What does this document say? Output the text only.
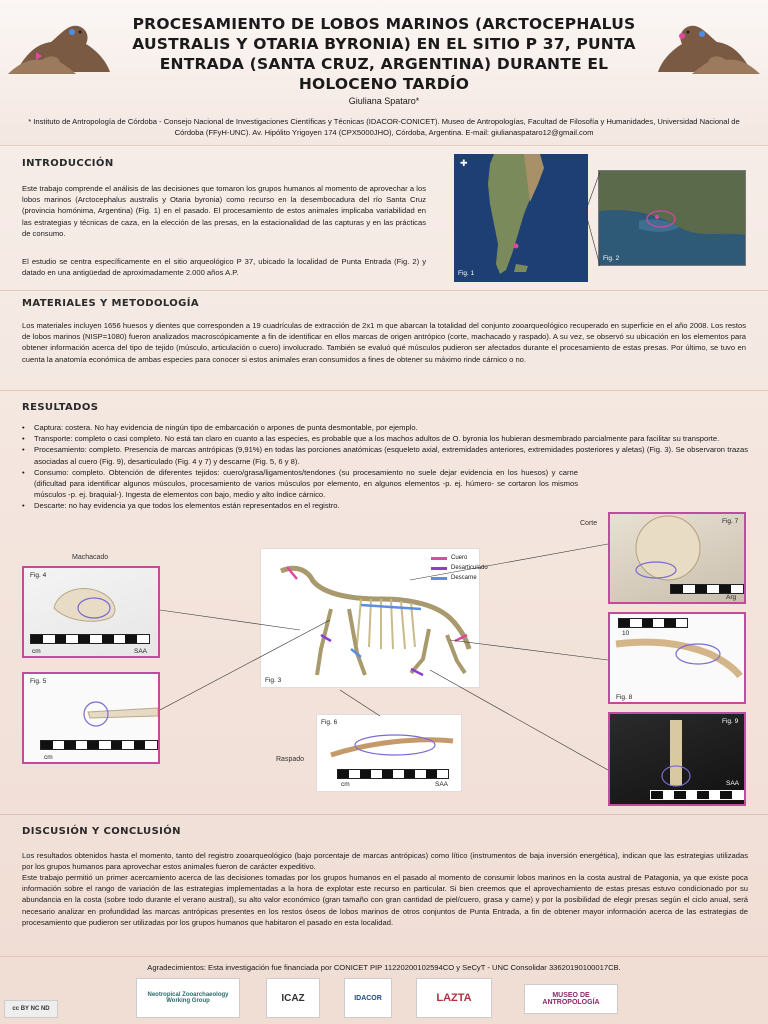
PROCESAMIENTO DE LOBOS MARINOS (ARCTOCEPHALUS AUSTRALIS Y OTARIA BYRONIA) EN EL SITIO P 37, PUNTA ENTRADA (SANTA CRUZ, ARGENTINA) DURANTE EL HOLOCENO TARDÍO
Giuliana Spataro*
* Instituto de Antropología de Córdoba - Consejo Nacional de Investigaciones Científicas y Técnicas (IDACOR-CONICET). Museo de Antropologías, Facultad de Filosofía y Humanidades, Universidad Nacional de Córdoba (FFyH-UNC). Av. Hipólito Yrigoyen 174 (CPX5000JHO), Córdoba, Argentina. E-mail: giulianaspataro12@gmail.com
INTRODUCCIÓN
Este trabajo comprende el análisis de las decisiones que tomaron los grupos humanos al momento de aprovechar a los lobos marinos (Arctocephalus australis y Otaria byronia) como recurso en la desembocadura del río Santa Cruz (provincia homónima, Argentina) (Fig. 1) en el pasado. El procesamiento de estos animales implicaba variabilidad en las estrategias y técnicas de caza, en la elección de las presas, en la estacionalidad de las capturas y en las prácticas de consumo.
El estudio se centra específicamente en el sitio arqueológico P 37, ubicado la localidad de Punta Entrada (Fig. 2) y datado en una antigüedad de aproximadamente 2.000 años A.P.	Fig. 1
✚
Fig. 2
MATERIALES Y METODOLOGÍA
Los materiales incluyen 1656 huesos y dientes que corresponden a 19 cuadrículas de extracción de 2x1 m que abarcan la totalidad del conjunto zooarqueológico recuperado en superficie en el año 2008. Los restos de lobos marinos (NISP=1080) fueron analizados macroscópicamente a fin de identificar en ellos marcas de origen antrópico (corte, machacado y raspado). A su vez, se observó su ubicación en los elementos para obtener información acerca del tipo de tejido (músculo, articulación o cuero) involucrado. También se evaluó qué músculos pudieron ser afectados durante el procesamiento de estas presas. Por último, se tuvo en cuenta la anatomía económica de ambas especies para conocer si estos animales eran consumidos a fines de obtener su máximo rinde cárnico o no.
RESULTADOS
• Captura: costera. No hay evidencia de ningún tipo de embarcación o arpones de punta desmontable, por ejemplo.
• Transporte: completo o casi completo. No está tan claro en cuanto a las especies, es probable que a los machos adultos de O. byronia los hubieran desmembrado parcialmente para facilitar su transporte.
• Procesamiento: completo. Presencia de marcas antrópicas (9,91%) en todas las porciones anatómicas (esqueleto axial, extremidades anteriores, extremidades posteriores y aletas) (Fig. 3). Se observaron trazas asociadas al cuero (Fig. 9), desarticulado (Fig. 4 y 7) y descarne (Fig. 5, 6 y 8).
• Consumo: completo. Obtención de diferentes tejidos: cuero/grasa/ligamentos/tendones (su procesamiento no suele dejar evidencia en los huesos) y carne (dificultad para identificar algunos músculos, procesamiento de varios músculos por elemento, en algunos elementos -p. ej. húmero- se cortaron los mismos músculos -p. ej. braquial-). Ingesta de elementos con bajo, medio y alto índice cárnico.
• Descarte: no hay evidencia ya que todos los elementos están representados en el registro.
Machacado
Raspado
Corte
Fig. 4
cm	SAA
Fig. 5
cm
Fig. 3
Cuero
Desarticulado
Descarne
Fig. 6
cm	SAA
Fig. 7
Arg
10
Fig. 8
Fig. 9
SAA
DISCUSIÓN Y CONCLUSIÓN
Los resultados obtenidos hasta el momento, tanto del registro zooarqueológico (bajo porcentaje de marcas antrópicas) como lítico (instrumentos de baja inversión energética), indican que las estrategias utilizadas por los grupos humanos para aprovechar estos animales fueron de carácter expeditivo.
Este trabajo permitió un primer acercamiento acerca de las decisiones tomadas por los grupos humanos en el pasado al momento de consumir lobos marinos en la costa austral de Patagonia, ya que existe poca información sobre el rango de variación de las estrategias implementadas a la hora de explotar este recurso en particular. Si bien creemos que el aprovechamiento de estas presas estuvo condicionado por su abundancia en la costa (sobre todo durante el verano austral), su alto valor económico (gran tamaño con gran cantidad de piel/cuero, grasa y carne) y por la posibilidad de elegir presas según el ciclo anual, será necesario analizar en profundidad las marcas antrópicas presentes en los restos óseos de lobos marinos de otros conjuntos de Punta Entrada, a fin de obtener mayor información acerca de las estrategias de procesamiento que pudieron ser utilizadas por los grupos humanos que habitaron el pasado en esta localidad.
Agradecimientos: Esta investigación fue financiada por CONICET PIP 11220200102594CO y SeCyT - UNC Consolidar 33620190100017CB.
cc BY NC ND
Neotropical Zooarchaeology Working Group	ICAZ	IDACOR	LAZTA	MUSEO DE ANTROPOLOGÍA
